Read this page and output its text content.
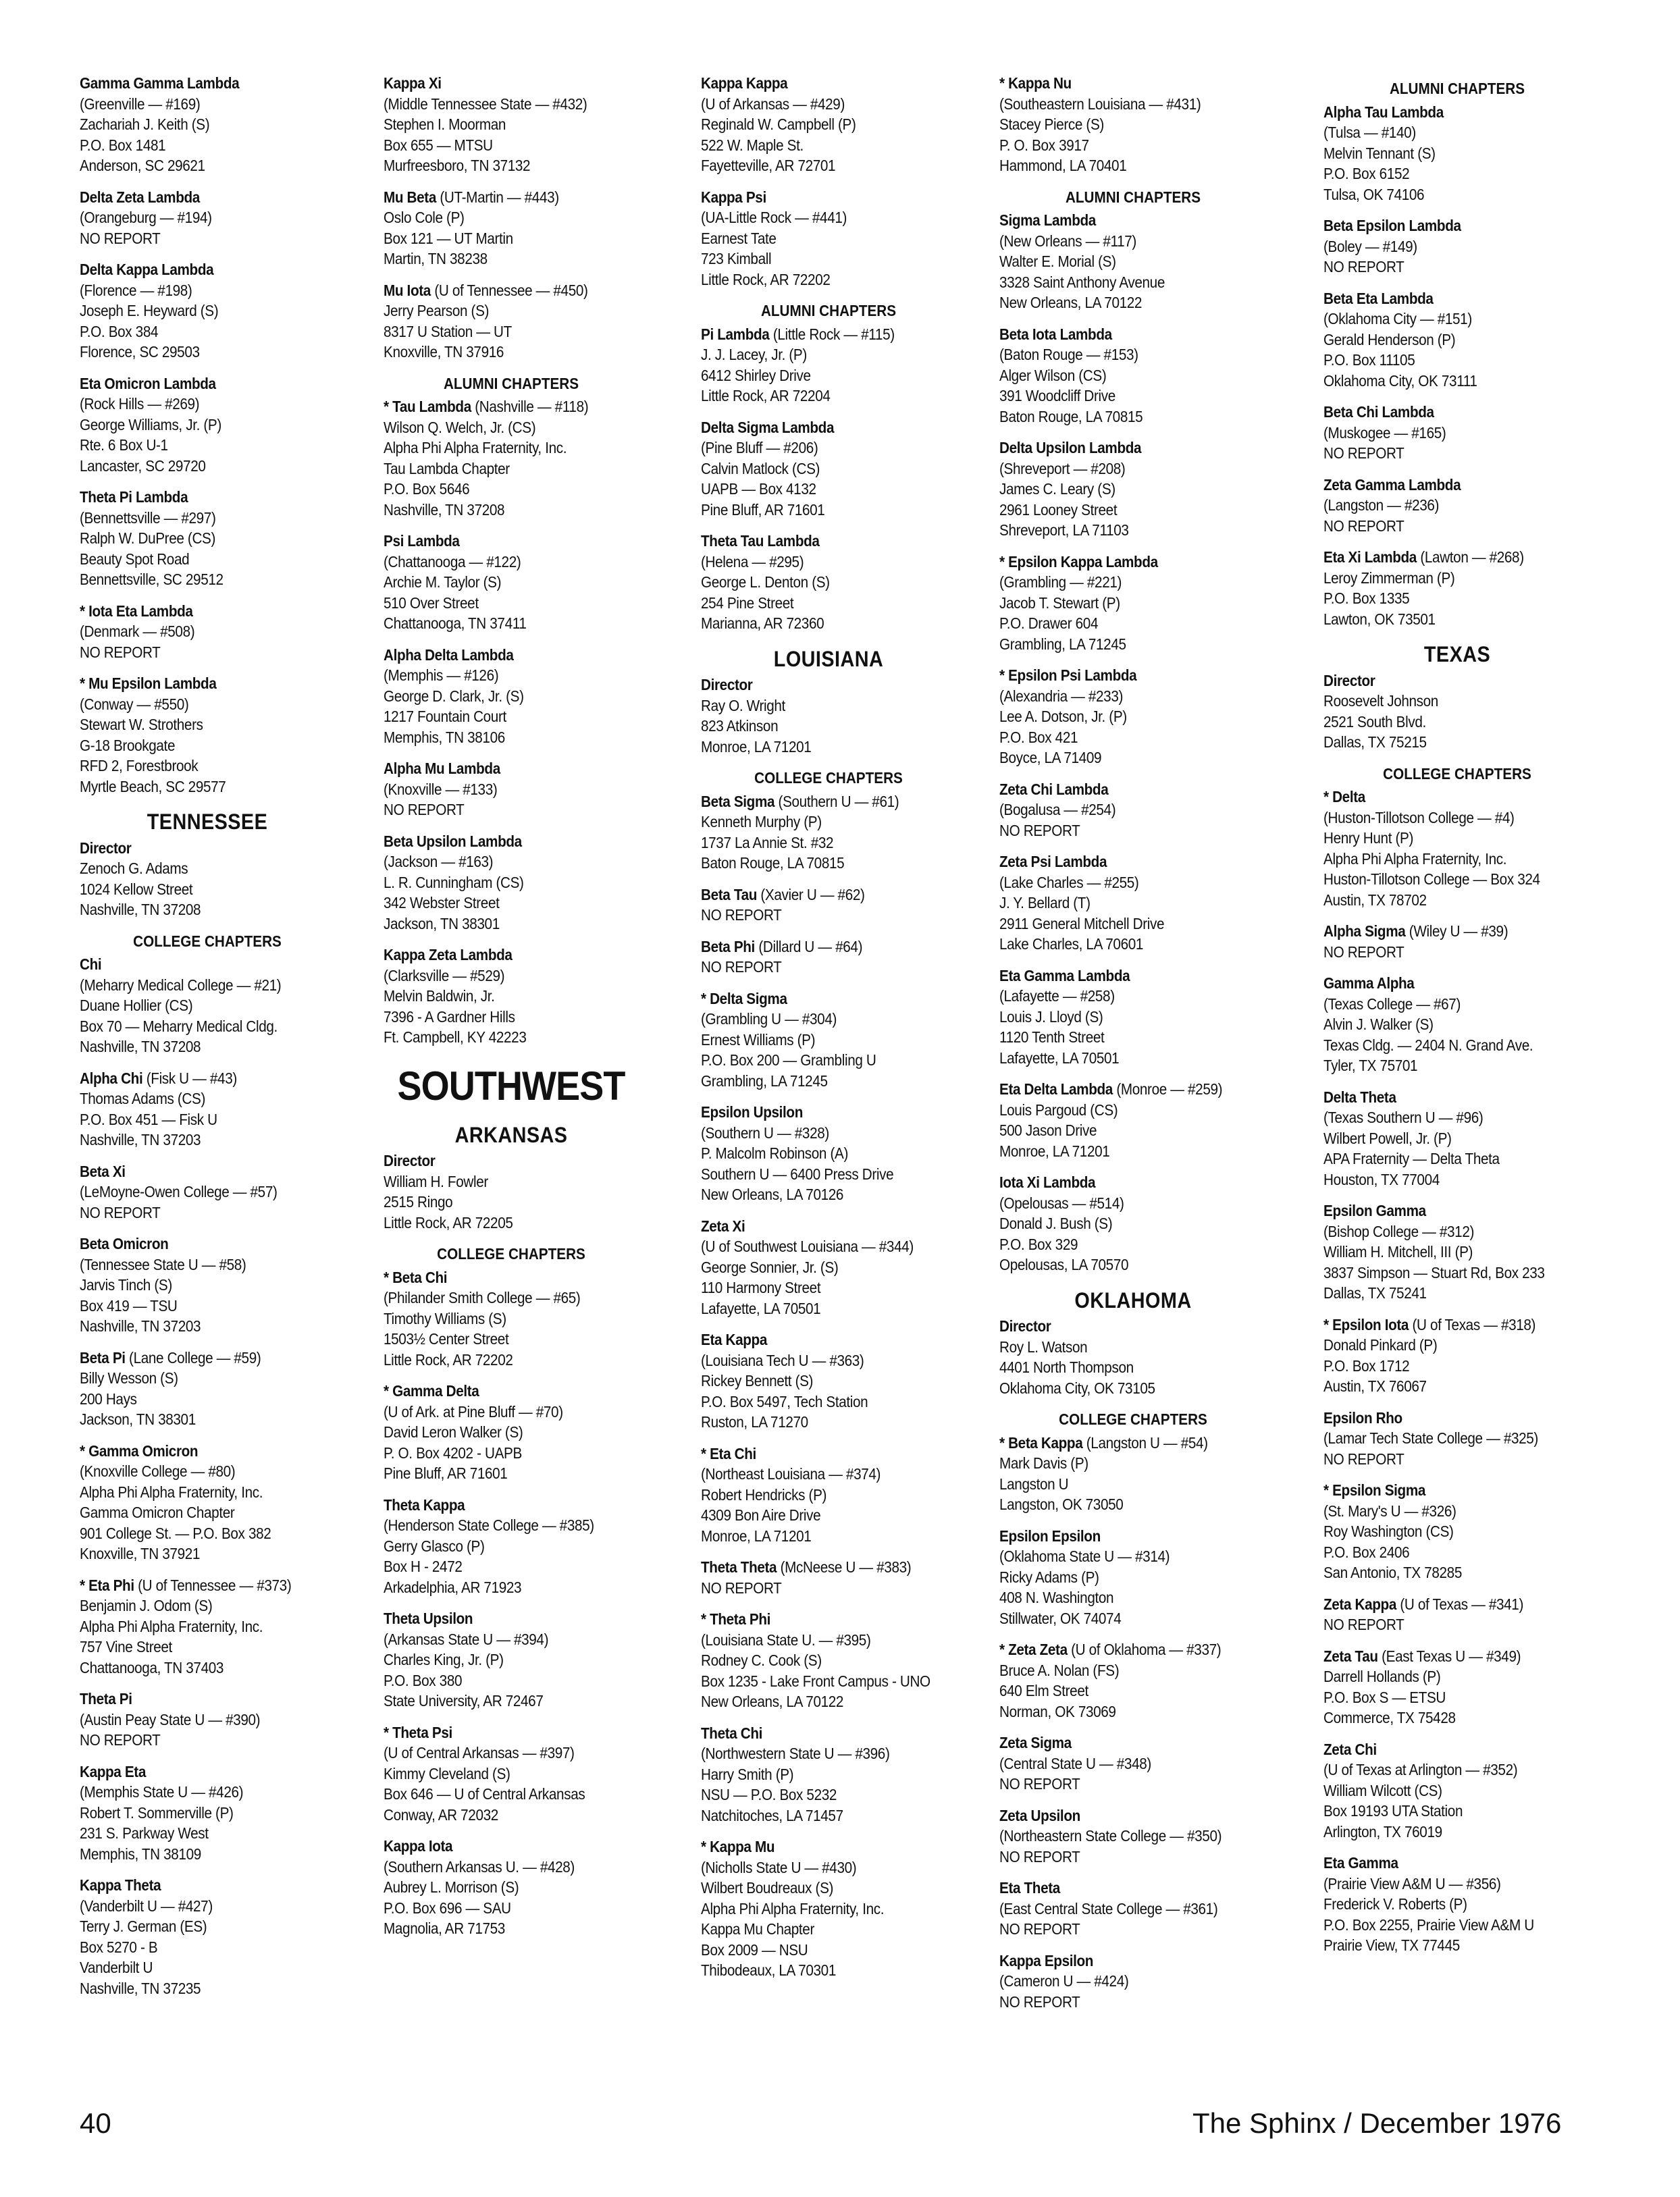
Gamma Gamma Lambda
(Greenville — #169)
Zachariah J. Keith (S)
P.O. Box 1481
Anderson, SC 29621
Delta Zeta Lambda
(Orangeburg — #194)
NO REPORT
Delta Kappa Lambda
(Florence — #198)
Joseph E. Heyward (S)
P.O. Box 384
Florence, SC 29503
Eta Omicron Lambda
(Rock Hills — #269)
George Williams, Jr. (P)
Rte. 6 Box U-1
Lancaster, SC 29720
Theta Pi Lambda
(Bennettsville — #297)
Ralph W. DuPree (CS)
Beauty Spot Road
Bennettsville, SC 29512
* Iota Eta Lambda
(Denmark — #508)
NO REPORT
* Mu Epsilon Lambda
(Conway — #550)
Stewart W. Strothers
G-18 Brookgate
RFD 2, Forestbrook
Myrtle Beach, SC 29577
TENNESSEE
Director
Zenoch G. Adams
1024 Kellow Street
Nashville, TN 37208
COLLEGE CHAPTERS
Chi
(Meharry Medical College — #21)
Duane Hollier (CS)
Box 70 — Meharry Medical Cldg.
Nashville, TN 37208
Alpha Chi (Fisk U — #43)
Thomas Adams (CS)
P.O. Box 451 — Fisk U
Nashville, TN 37203
Beta Xi
(LeMoyne-Owen College — #57)
NO REPORT
Beta Omicron
(Tennessee State U — #58)
Jarvis Tinch (S)
Box 419 — TSU
Nashville, TN 37203
Beta Pi (Lane College — #59)
Billy Wesson (S)
200 Hays
Jackson, TN 38301
* Gamma Omicron
(Knoxville College — #80)
Alpha Phi Alpha Fraternity, Inc.
Gamma Omicron Chapter
901 College St. — P.O. Box 382
Knoxville, TN 37921
* Eta Phi (U of Tennessee — #373)
Benjamin J. Odom (S)
Alpha Phi Alpha Fraternity, Inc.
757 Vine Street
Chattanooga, TN 37403
Theta Pi
(Austin Peay State U — #390)
NO REPORT
Kappa Eta
(Memphis State U — #426)
Robert T. Sommerville (P)
231 S. Parkway West
Memphis, TN 38109
Kappa Theta
(Vanderbilt U — #427)
Terry J. German (ES)
Box 5270 - B
Vanderbilt U
Nashville, TN 37235
Kappa Xi
(Middle Tennessee State — #432)
Stephen I. Moorman
Box 655 — MTSU
Murfreesboro, TN 37132
Mu Beta (UT-Martin — #443)
Oslo Cole (P)
Box 121 — UT Martin
Martin, TN 38238
Mu Iota (U of Tennessee — #450)
Jerry Pearson (S)
8317 U Station — UT
Knoxville, TN 37916
ALUMNI CHAPTERS
* Tau Lambda (Nashville — #118)
Wilson Q. Welch, Jr. (CS)
Alpha Phi Alpha Fraternity, Inc.
Tau Lambda Chapter
P.O. Box 5646
Nashville, TN 37208
Psi Lambda
(Chattanooga — #122)
Archie M. Taylor (S)
510 Over Street
Chattanooga, TN 37411
Alpha Delta Lambda
(Memphis — #126)
George D. Clark, Jr. (S)
1217 Fountain Court
Memphis, TN 38106
Alpha Mu Lambda
(Knoxville — #133)
NO REPORT
Beta Upsilon Lambda
(Jackson — #163)
L. R. Cunningham (CS)
342 Webster Street
Jackson, TN 38301
Kappa Zeta Lambda
(Clarksville — #529)
Melvin Baldwin, Jr.
7396 - A Gardner Hills
Ft. Campbell, KY 42223
SOUTHWEST
ARKANSAS
Director
William H. Fowler
2515 Ringo
Little Rock, AR 72205
COLLEGE CHAPTERS
* Beta Chi
(Philander Smith College — #65)
Timothy Williams (S)
1503½ Center Street
Little Rock, AR 72202
* Gamma Delta
(U of Ark. at Pine Bluff — #70)
David Leron Walker (S)
P. O. Box 4202 - UAPB
Pine Bluff, AR 71601
Theta Kappa
(Henderson State College — #385)
Gerry Glasco (P)
Box H - 2472
Arkadelphia, AR 71923
Theta Upsilon
(Arkansas State U — #394)
Charles King, Jr. (P)
P.O. Box 380
State University, AR 72467
* Theta Psi
(U of Central Arkansas — #397)
Kimmy Cleveland (S)
Box 646 — U of Central Arkansas
Conway, AR 72032
Kappa Iota
(Southern Arkansas U. — #428)
Aubrey L. Morrison (S)
P.O. Box 696 — SAU
Magnolia, AR 71753
Kappa Kappa
(U of Arkansas — #429)
Reginald W. Campbell (P)
522 W. Maple St.
Fayetteville, AR 72701
Kappa Psi
(UA-Little Rock — #441)
Earnest Tate
723 Kimball
Little Rock, AR 72202
ALUMNI CHAPTERS
Pi Lambda (Little Rock — #115)
J. J. Lacey, Jr. (P)
6412 Shirley Drive
Little Rock, AR 72204
Delta Sigma Lambda
(Pine Bluff — #206)
Calvin Matlock (CS)
UAPB — Box 4132
Pine Bluff, AR 71601
Theta Tau Lambda
(Helena — #295)
George L. Denton (S)
254 Pine Street
Marianna, AR 72360
LOUISIANA
Director
Ray O. Wright
823 Atkinson
Monroe, LA 71201
COLLEGE CHAPTERS
Beta Sigma (Southern U — #61)
Kenneth Murphy (P)
1737 La Annie St. #32
Baton Rouge, LA 70815
Beta Tau (Xavier U — #62)
NO REPORT
Beta Phi (Dillard U — #64)
NO REPORT
* Delta Sigma
(Grambling U — #304)
Ernest Williams (P)
P.O. Box 200 — Grambling U
Grambling, LA 71245
Epsilon Upsilon
(Southern U — #328)
P. Malcolm Robinson (A)
Southern U — 6400 Press Drive
New Orleans, LA 70126
Zeta Xi
(U of Southwest Louisiana — #344)
George Sonnier, Jr. (S)
110 Harmony Street
Lafayette, LA 70501
Eta Kappa
(Louisiana Tech U — #363)
Rickey Bennett (S)
P.O. Box 5497, Tech Station
Ruston, LA 71270
* Eta Chi
(Northeast Louisiana — #374)
Robert Hendricks (P)
4309 Bon Aire Drive
Monroe, LA 71201
Theta Theta (McNeese U — #383)
NO REPORT
* Theta Phi
(Louisiana State U. — #395)
Rodney C. Cook (S)
Box 1235 - Lake Front Campus - UNO
New Orleans, LA 70122
Theta Chi
(Northwestern State U — #396)
Harry Smith (P)
NSU — P.O. Box 5232
Natchitoches, LA 71457
* Kappa Mu
(Nicholls State U — #430)
Wilbert Boudreaux (S)
Alpha Phi Alpha Fraternity, Inc.
Kappa Mu Chapter
Box 2009 — NSU
Thibodeaux, LA 70301
* Kappa Nu
(Southeastern Louisiana — #431)
Stacey Pierce (S)
P. O. Box 3917
Hammond, LA 70401
ALUMNI CHAPTERS
Sigma Lambda
(New Orleans — #117)
Walter E. Morial (S)
3328 Saint Anthony Avenue
New Orleans, LA 70122
Beta Iota Lambda
(Baton Rouge — #153)
Alger Wilson (CS)
391 Woodcliff Drive
Baton Rouge, LA 70815
Delta Upsilon Lambda
(Shreveport — #208)
James C. Leary (S)
2961 Looney Street
Shreveport, LA 71103
* Epsilon Kappa Lambda
(Grambling — #221)
Jacob T. Stewart (P)
P.O. Drawer 604
Grambling, LA 71245
* Epsilon Psi Lambda
(Alexandria — #233)
Lee A. Dotson, Jr. (P)
P.O. Box 421
Boyce, LA 71409
Zeta Chi Lambda
(Bogalusa — #254)
NO REPORT
Zeta Psi Lambda
(Lake Charles — #255)
J. Y. Bellard (T)
2911 General Mitchell Drive
Lake Charles, LA 70601
Eta Gamma Lambda
(Lafayette — #258)
Louis J. Lloyd (S)
1120 Tenth Street
Lafayette, LA 70501
Eta Delta Lambda (Monroe — #259)
Louis Pargoud (CS)
500 Jason Drive
Monroe, LA 71201
Iota Xi Lambda
(Opelousas — #514)
Donald J. Bush (S)
P.O. Box 329
Opelousas, LA 70570
OKLAHOMA
Director
Roy L. Watson
4401 North Thompson
Oklahoma City, OK 73105
COLLEGE CHAPTERS
* Beta Kappa (Langston U — #54)
Mark Davis (P)
Langston U
Langston, OK 73050
Epsilon Epsilon
(Oklahoma State U — #314)
Ricky Adams (P)
408 N. Washington
Stillwater, OK 74074
* Zeta Zeta (U of Oklahoma — #337)
Bruce A. Nolan (FS)
640 Elm Street
Norman, OK 73069
Zeta Sigma
(Central State U — #348)
NO REPORT
Zeta Upsilon
(Northeastern State College — #350)
NO REPORT
Eta Theta
(East Central State College — #361)
NO REPORT
Kappa Epsilon
(Cameron U — #424)
NO REPORT
ALUMNI CHAPTERS
Alpha Tau Lambda
(Tulsa — #140)
Melvin Tennant (S)
P.O. Box 6152
Tulsa, OK 74106
Beta Epsilon Lambda
(Boley — #149)
NO REPORT
Beta Eta Lambda
(Oklahoma City — #151)
Gerald Henderson (P)
P.O. Box 11105
Oklahoma City, OK 73111
Beta Chi Lambda
(Muskogee — #165)
NO REPORT
Zeta Gamma Lambda
(Langston — #236)
NO REPORT
Eta Xi Lambda (Lawton — #268)
Leroy Zimmerman (P)
P.O. Box 1335
Lawton, OK 73501
TEXAS
Director
Roosevelt Johnson
2521 South Blvd.
Dallas, TX 75215
COLLEGE CHAPTERS
* Delta
(Huston-Tillotson College — #4)
Henry Hunt (P)
Alpha Phi Alpha Fraternity, Inc.
Huston-Tillotson College — Box 324
Austin, TX 78702
Alpha Sigma (Wiley U — #39)
NO REPORT
Gamma Alpha
(Texas College — #67)
Alvin J. Walker (S)
Texas Cldg. — 2404 N. Grand Ave.
Tyler, TX 75701
Delta Theta
(Texas Southern U — #96)
Wilbert Powell, Jr. (P)
APA Fraternity — Delta Theta
Houston, TX 77004
Epsilon Gamma
(Bishop College — #312)
William H. Mitchell, III (P)
3837 Simpson — Stuart Rd, Box 233
Dallas, TX 75241
* Epsilon Iota (U of Texas — #318)
Donald Pinkard (P)
P.O. Box 1712
Austin, TX 76067
Epsilon Rho
(Lamar Tech State College — #325)
NO REPORT
* Epsilon Sigma
(St. Mary's U — #326)
Roy Washington (CS)
P.O. Box 2406
San Antonio, TX 78285
Zeta Kappa (U of Texas — #341)
NO REPORT
Zeta Tau (East Texas U — #349)
Darrell Hollands (P)
P.O. Box S — ETSU
Commerce, TX 75428
Zeta Chi
(U of Texas at Arlington — #352)
William Wilcott (CS)
Box 19193 UTA Station
Arlington, TX 76019
Eta Gamma
(Prairie View A&M U — #356)
Frederick V. Roberts (P)
P.O. Box 2255, Prairie View A&M U
Prairie View, TX 77445
40	The Sphinx / December 1976
